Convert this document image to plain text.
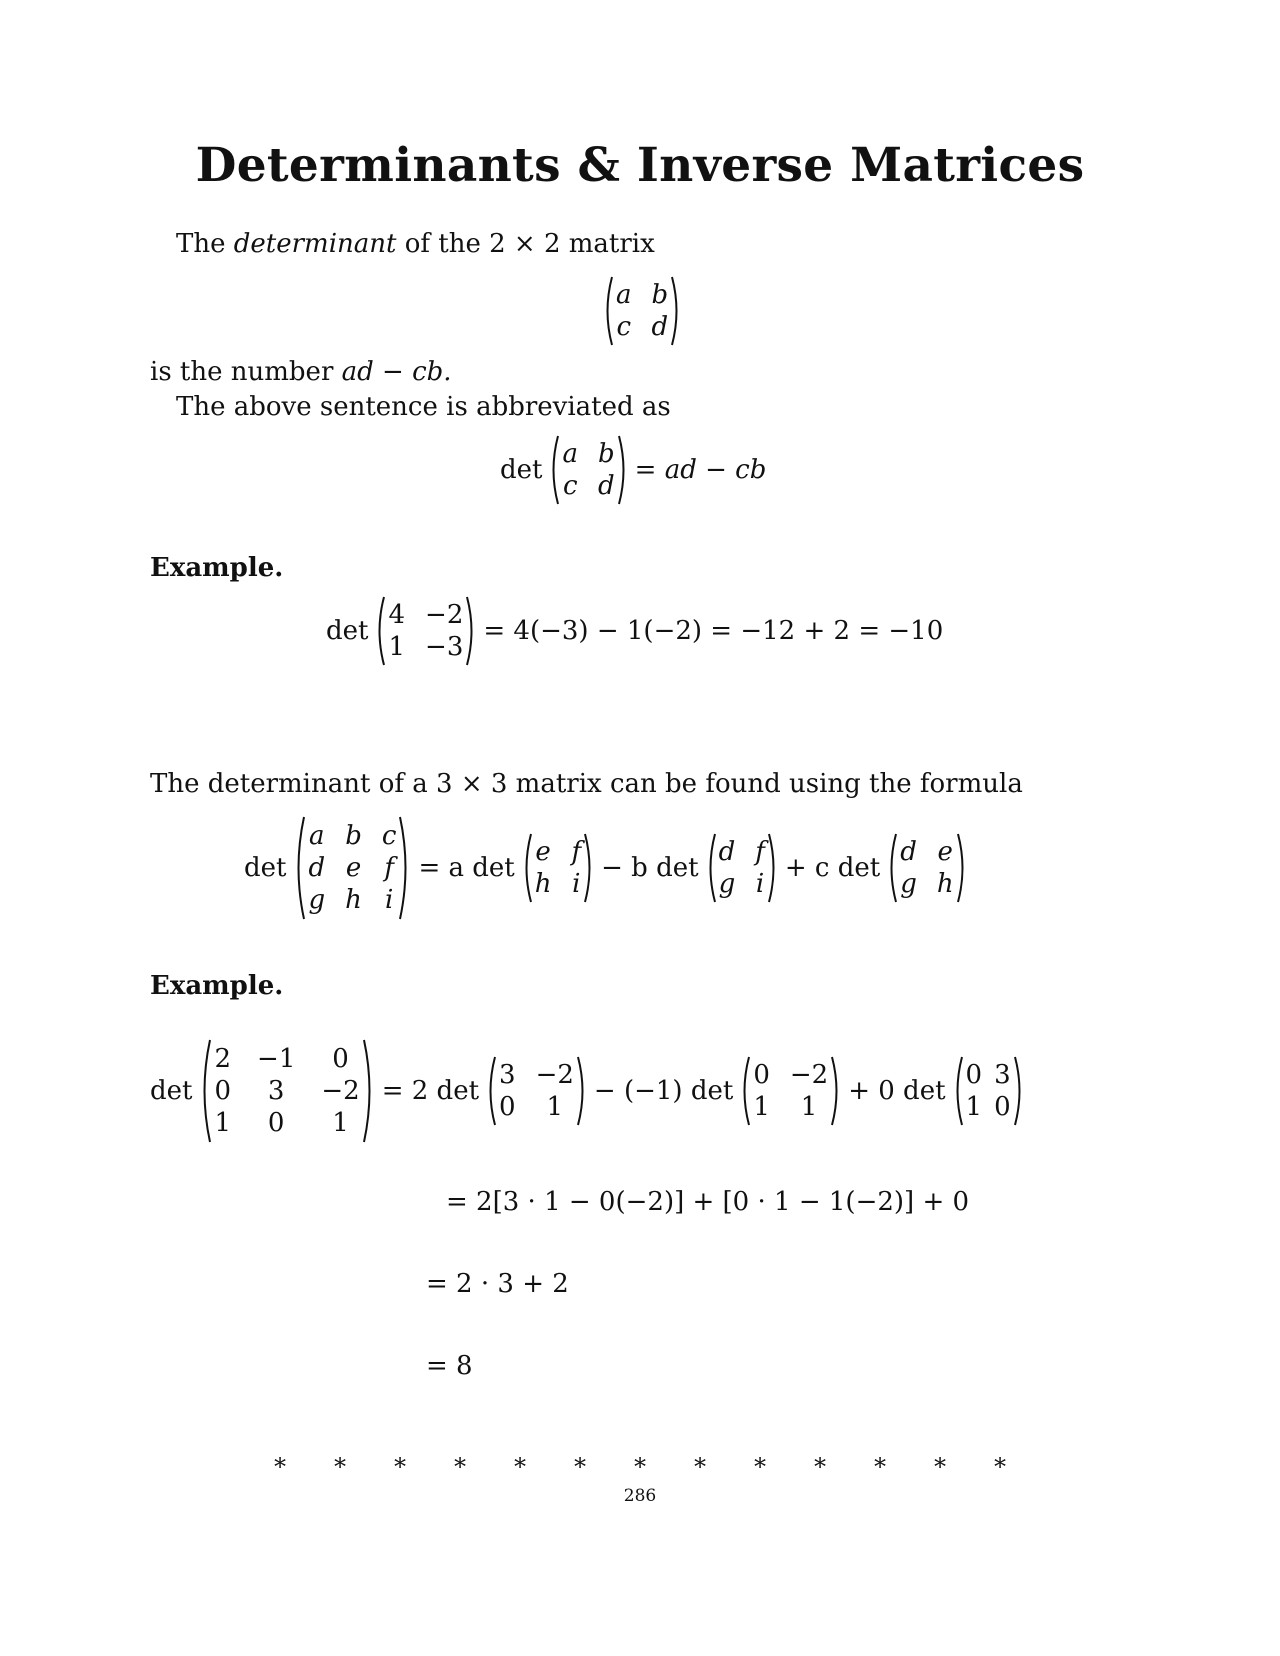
Determinants & Inverse Matrices
The determinant of the 2 × 2 matrix
a b
c d
is the number ad − cb.
The above sentence is abbreviated as
det
a b
c d
= ad − cb
Example.
det
4 −2
1 −3
= 4(−3) − 1(−2) = −12 + 2 = −10
The determinant of a 3 × 3 matrix can be found using the formula
det
a b c
d e f
g h i
= a det
e f
h i
− b det
d f
g i
+ c det
d e
g h
Example.
det
2 −1	0
0	3	−2
1	0	1
= 2 det
3 −2
0	1
− (−1) det
0 −2
1	1
+ 0 det
0 3
1 0
= 2[3 · 1 − 0(−2)] + [0 · 1 − 1(−2)] + 0
= 2 · 3 + 2
= 8
∗ ∗ ∗ ∗ ∗ ∗ ∗ ∗ ∗ ∗ ∗ ∗ ∗
286
